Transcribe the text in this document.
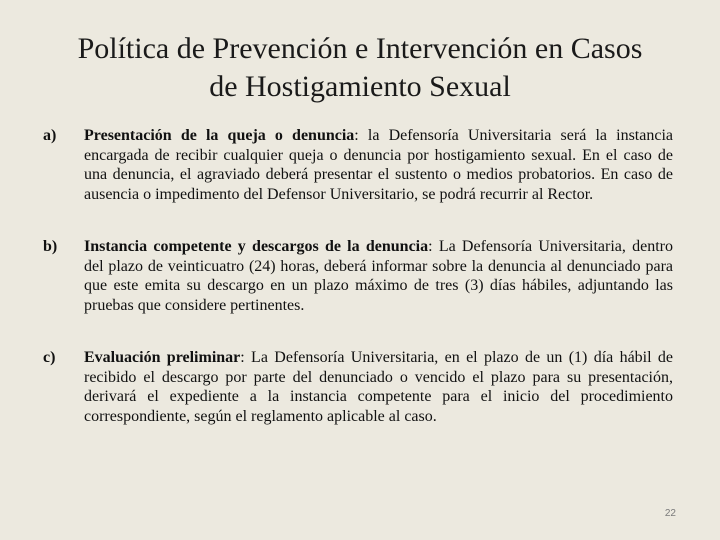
Política de Prevención e Intervención en Casos
de Hostigamiento Sexual
a) Presentación de la queja o denuncia: la Defensoría Universitaria será la instancia encargada de recibir cualquier queja o denuncia por hostigamiento sexual. En el caso de una denuncia, el agraviado deberá presentar el sustento o medios probatorios. En caso de ausencia o impedimento del Defensor Universitario, se podrá recurrir al Rector.
b) Instancia competente y descargos de la denuncia: La Defensoría Universitaria, dentro del plazo de veinticuatro (24) horas, deberá informar sobre la denuncia al denunciado para que este emita su descargo en un plazo máximo de tres (3) días hábiles, adjuntando las pruebas que considere pertinentes.
c) Evaluación preliminar: La Defensoría Universitaria, en el plazo de un (1) día hábil de recibido el descargo por parte del denunciado o vencido el plazo para su presentación, derivará el expediente a la instancia competente para el inicio del procedimiento correspondiente, según el reglamento aplicable al caso.
22
